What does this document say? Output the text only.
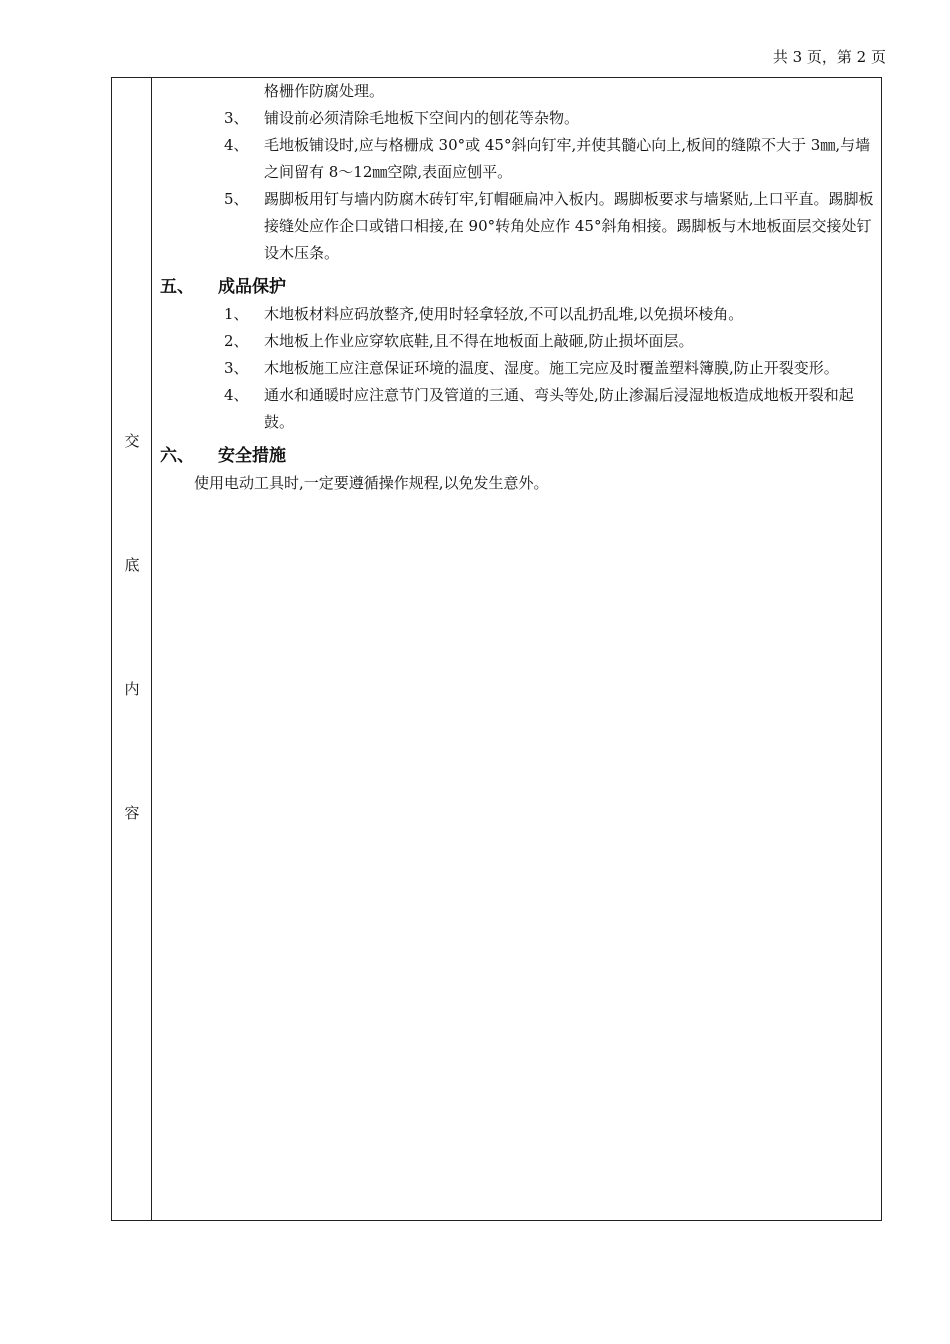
共 3 页，第 2 页
交
底
内
容
格栅作防腐处理。
3、 铺设前必须清除毛地板下空间内的刨花等杂物。
4、 毛地板铺设时,应与格栅成 30°或 45°斜向钉牢,并使其髓心向上,板间的缝隙不大于 3㎜,与墙之间留有 8～12㎜空隙,表面应刨平。
5、 踢脚板用钉与墙内防腐木砖钉牢,钉帽砸扁冲入板内。踢脚板要求与墙紧贴,上口平直。踢脚板接缝处应作企口或错口相接,在 90°转角处应作 45°斜角相接。踢脚板与木地板面层交接处钉设木压条。
五、 成品保护
1、 木地板材料应码放整齐,使用时轻拿轻放,不可以乱扔乱堆,以免损坏棱角。
2、 木地板上作业应穿软底鞋,且不得在地板面上敲砸,防止损坏面层。
3、 木地板施工应注意保证环境的温度、湿度。施工完应及时覆盖塑料簿膜,防止开裂变形。
4、 通水和通暖时应注意节门及管道的三通、弯头等处,防止渗漏后浸湿地板造成地板开裂和起鼓。
六、 安全措施
使用电动工具时,一定要遵循操作规程,以免发生意外。
